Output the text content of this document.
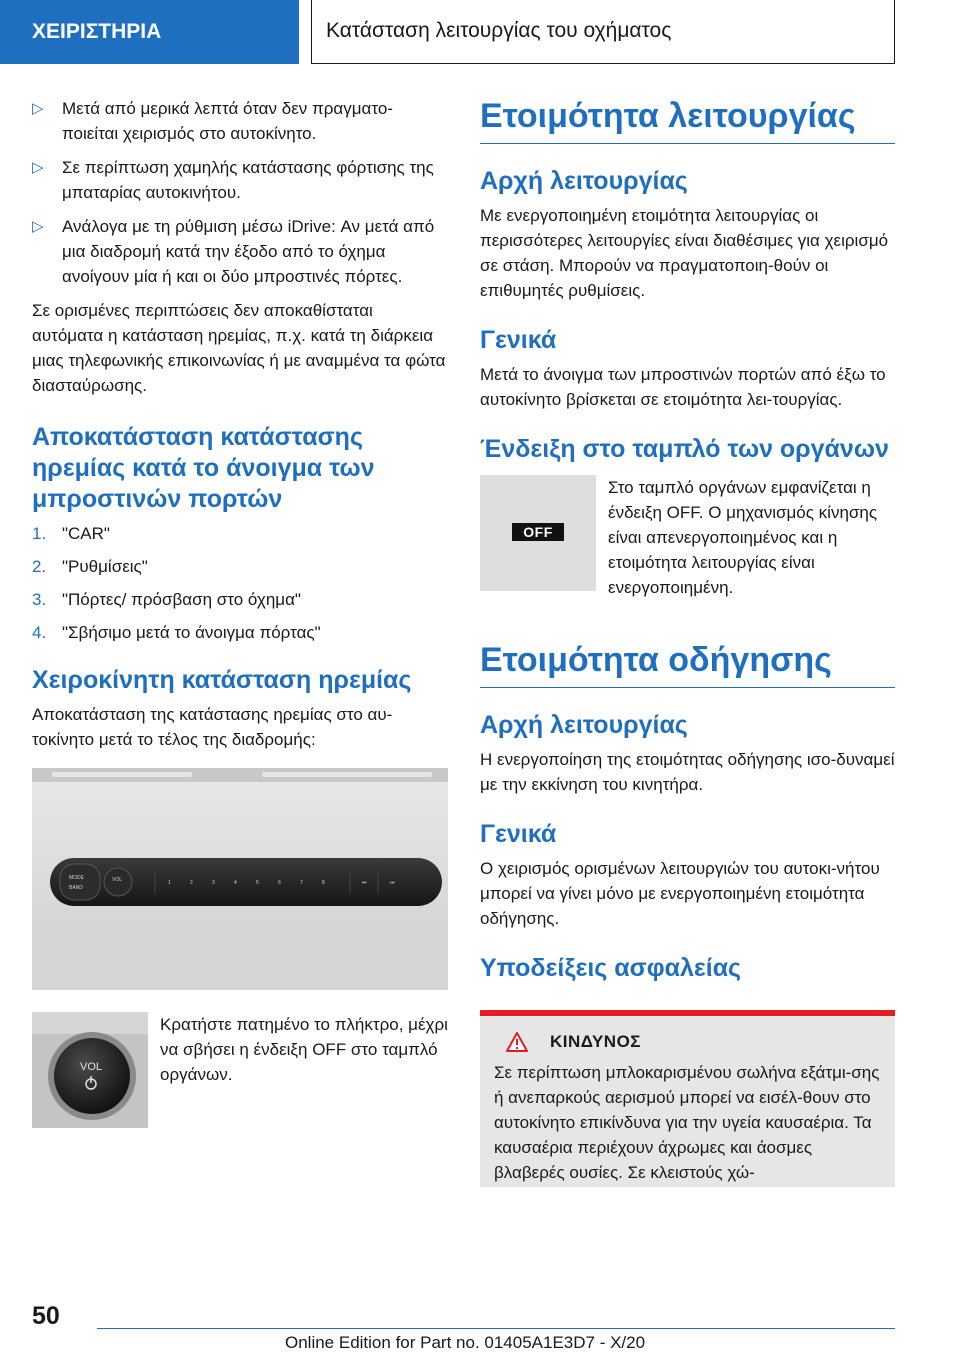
ΧΕΙΡΙΣΤΗΡΙΑ	Κατάσταση λειτουργίας του οχήματος
▷ Μετά από μερικά λεπτά όταν δεν πραγματο‐ποιείται χειρισμός στο αυτοκίνητο.
▷ Σε περίπτωση χαμηλής κατάστασης φόρτισης της μπαταρίας αυτοκινήτου.
▷ Ανάλογα με τη ρύθμιση μέσω iDrive: Αν μετά από μια διαδρομή κατά την έξοδο από το όχημα ανοίγουν μία ή και οι δύο μπροστινές πόρτες.

Σε ορισμένες περιπτώσεις δεν αποκαθίσταται αυτόματα η κατάσταση ηρεμίας, π.χ. κατά τη διάρκεια μιας τηλεφωνικής επικοινωνίας ή με αναμμένα τα φώτα διασταύρωσης.

Αποκατάσταση κατάστασης ηρεμίας κατά το άνοιγμα των μπροστινών πορτών
1. "CAR"
2. "Ρυθμίσεις"
3. "Πόρτες/ πρόσβαση στο όχημα"
4. "Σβήσιμο μετά το άνοιγμα πόρτας"
Χειροκίνητη κατάσταση ηρεμίας

Αποκατάσταση της κατάστασης ηρεμίας στο αυ‐τοκίνητο μετά το τέλος της διαδρομής:

MODE
BAND
VOL	1	2	3	4	5	6	7	8	⏮	⏭
VOL

Κρατήστε πατημένο το πλήκτρο, μέχρι να σβήσει η ένδειξη OFF στο ταμπλό οργάνων.

Ετοιμότητα λειτουργίας
Αρχή λειτουργίας

Με ενεργοποιημένη ετοιμότητα λειτουργίας οι περισσότερες λειτουργίες είναι διαθέσιμες για χειρισμό σε στάση. Μπορούν να πραγματοποιη‐θούν οι επιθυμητές ρυθμίσεις.

Γενικά

Μετά το άνοιγμα των μπροστινών πορτών από έξω το αυτοκίνητο βρίσκεται σε ετοιμότητα λει‐τουργίας.

Ένδειξη στο ταμπλό των οργάνων
OFF

Στο ταμπλό οργάνων εμφανίζεται η ένδειξη OFF. Ο μηχανισμός κίνησης είναι απενεργοποιημένος και η ετοιμότητα λειτουργίας είναι ενεργοποιημένη.

Ετοιμότητα οδήγησης
Αρχή λειτουργίας

Η ενεργοποίηση της ετοιμότητας οδήγησης ισο‐δυναμεί με την εκκίνηση του κινητήρα.

Γενικά

Ο χειρισμός ορισμένων λειτουργιών του αυτοκι‐νήτου μπορεί να γίνει μόνο με ενεργοποιημένη ετοιμότητα οδήγησης.

Υποδείξεις ασφαλείας
ΚΙΝΔΥΝΟΣ

Σε περίπτωση μπλοκαρισμένου σωλήνα εξάτμι‐σης ή ανεπαρκούς αερισμού μπορεί να εισέλ‐θουν στο αυτοκίνητο επικίνδυνα για την υγεία καυσαέρια. Τα καυσαέρια περιέχουν άχρωμες και άοσμες βλαβερές ουσίες. Σε κλειστούς χώ‐

50
Online Edition for Part no. 01405A1E3D7 - X/20
